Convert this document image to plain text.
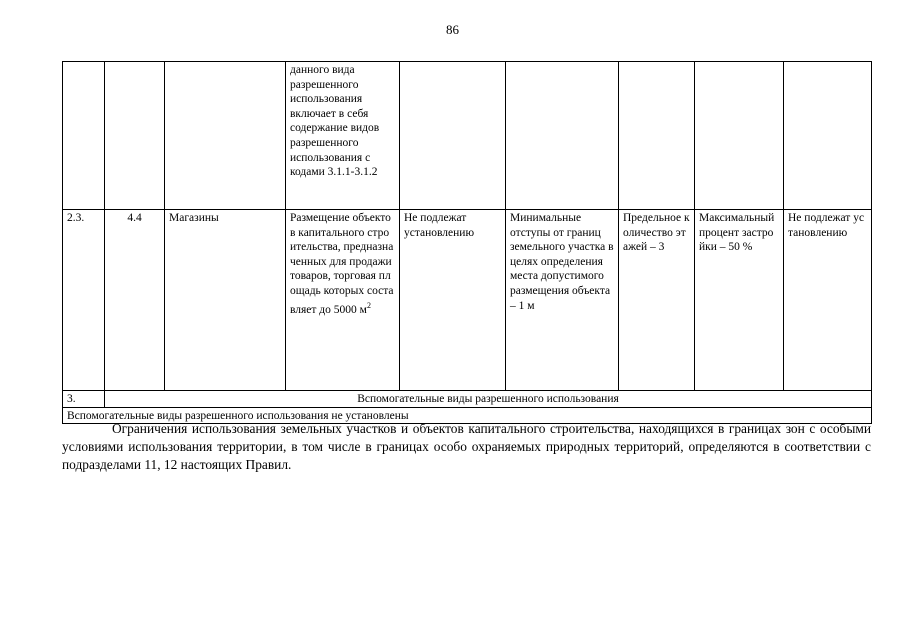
86
			данного вида разрешенного использования включает в себя содержание видов разрешенного использования с кодами 3.1.1-3.1.2					
2.3.	4.4	Магазины	Размещение объектов капитального строительства, предназначенных для продажи товаров, торговая площадь которых составляет до 5000 $м^2$	Не подлежат установлению	Минимальные отступы от границ земельного участка в целях определения места допустимого размещения объекта – 1 м	Предельное количество этажей – 3	Максимальный процент застройки – 50 %	Не подлежат установлению
3.	Вспомогательные виды разрешенного использования							
Вспомогательные виды разрешенного использования не установлены								
Ограничения использования земельных участков и объектов капитального строительства, находящихся в границах зон с особыми условиями использования территории, в том числе в границах особо охраняемых природных территорий, определяются в соответствии с подразделами 11, 12 настоящих Правил.
